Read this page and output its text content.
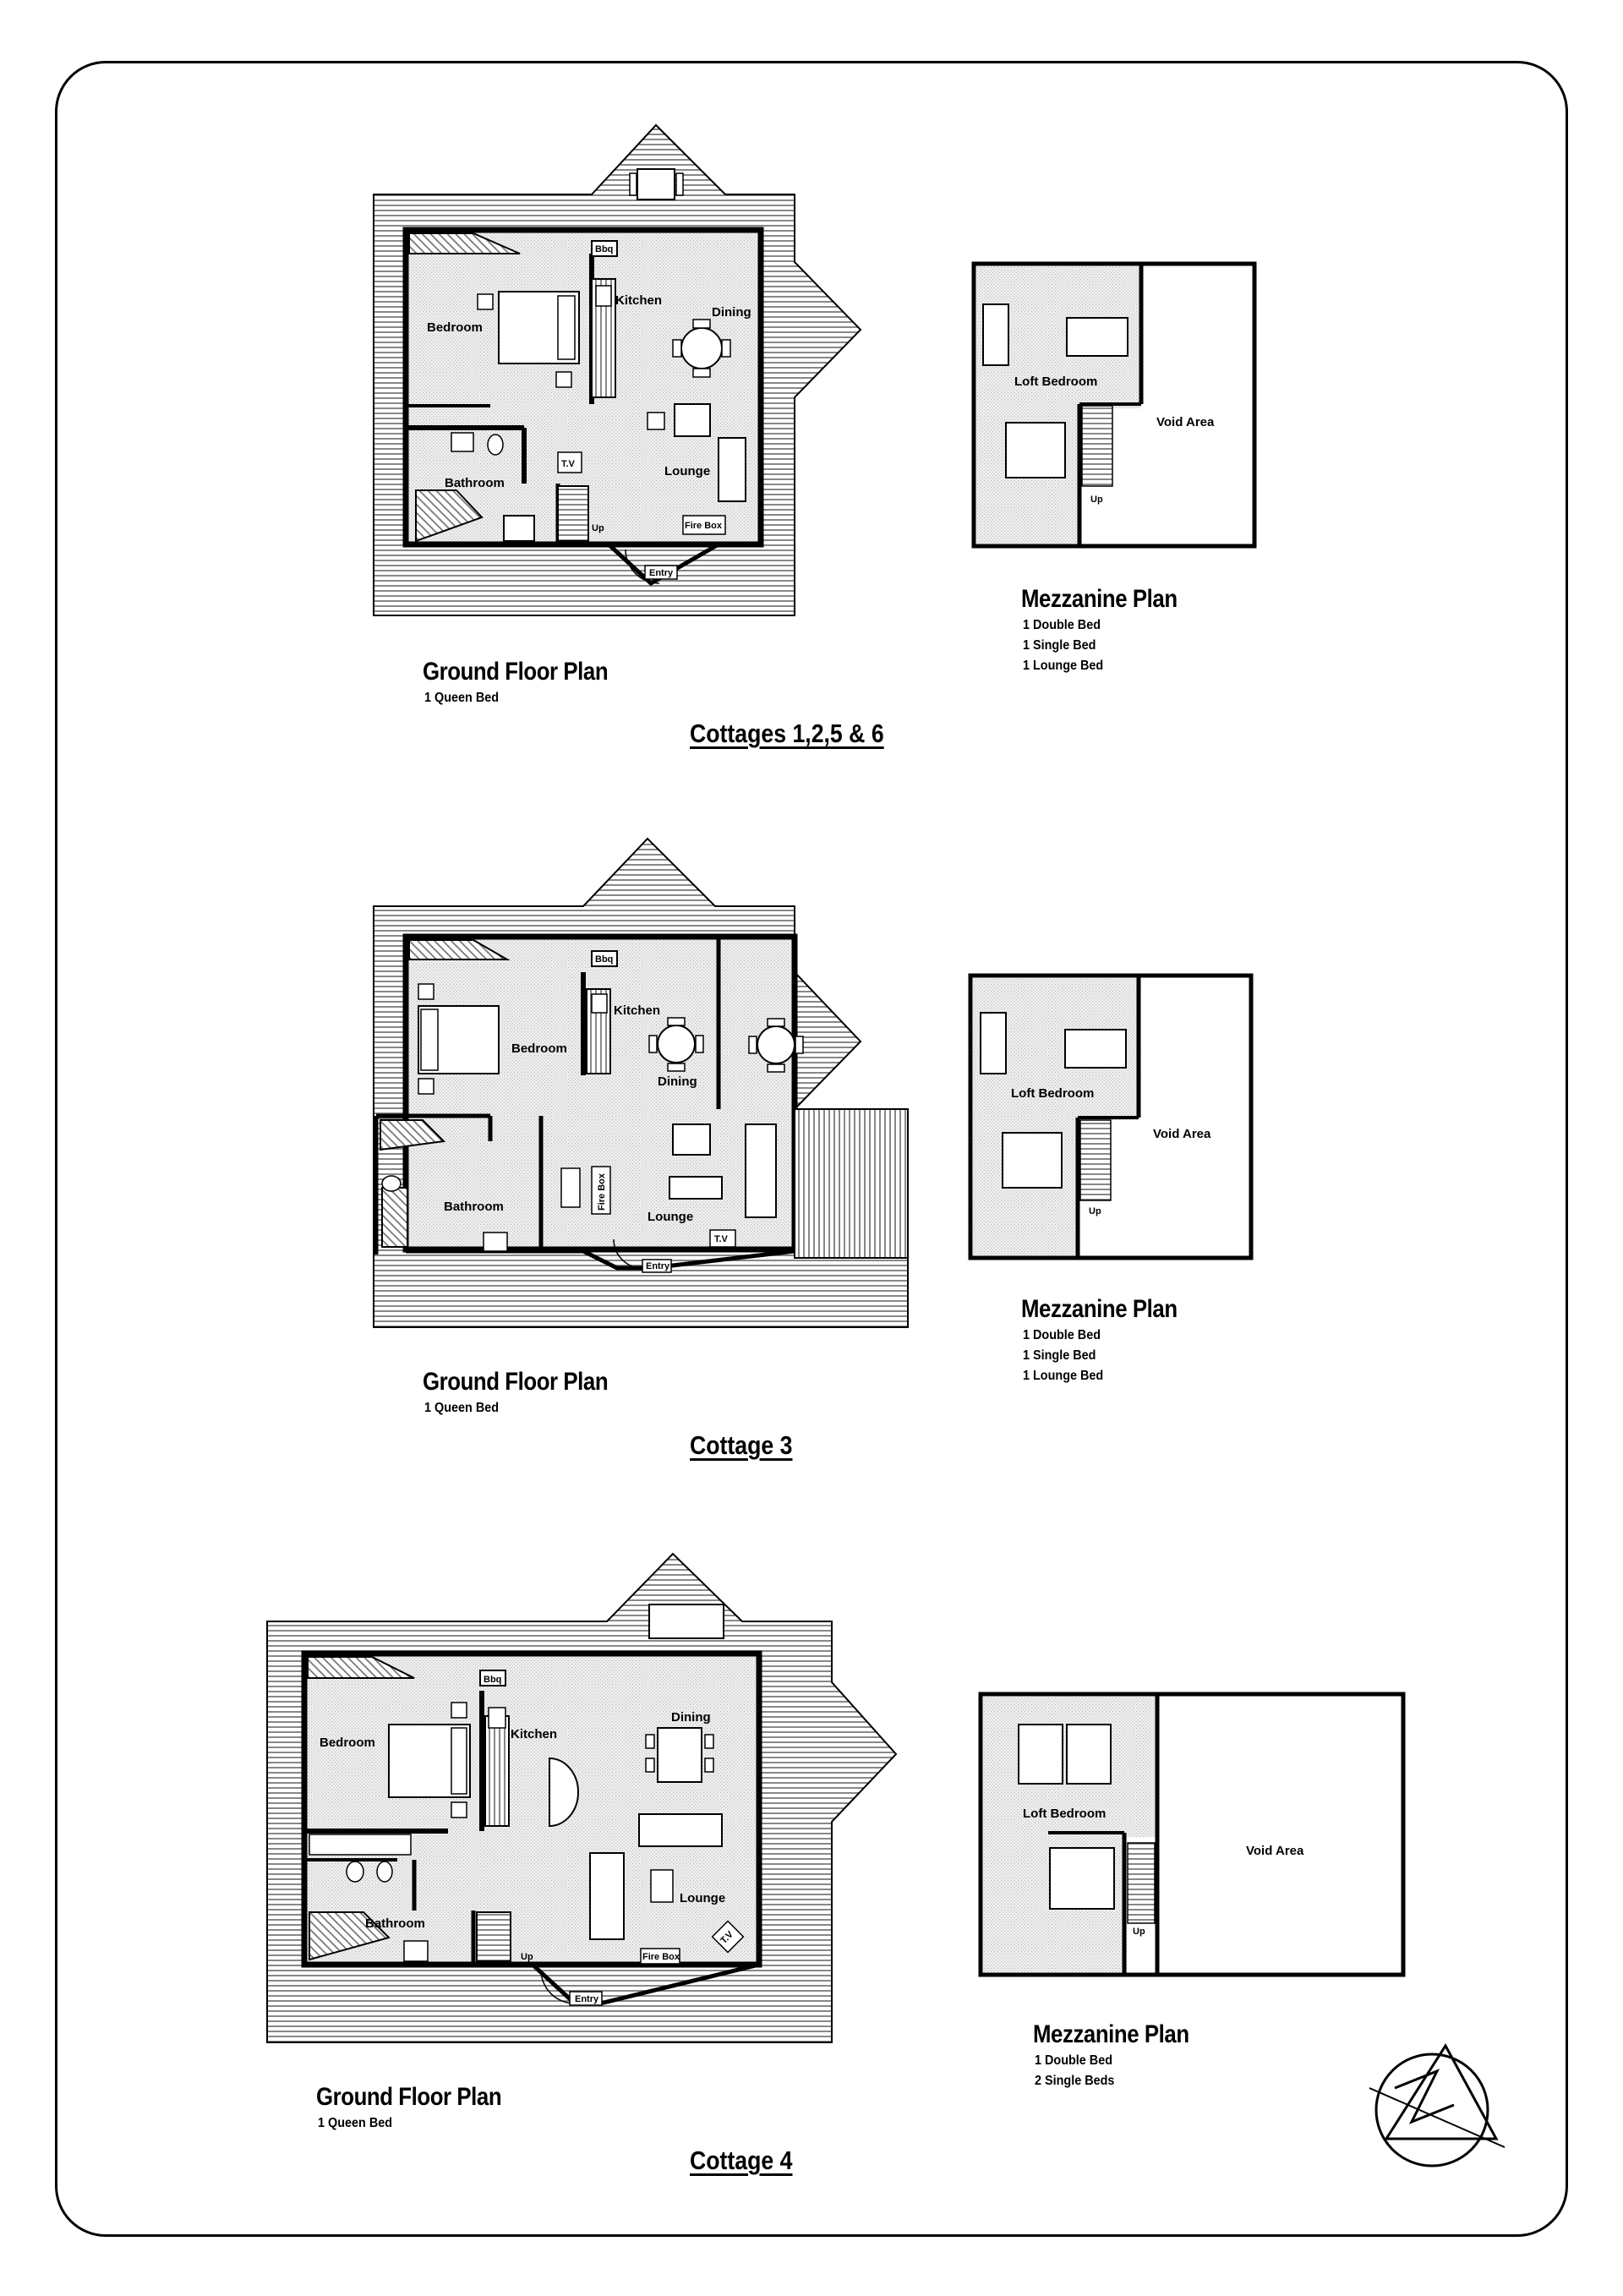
Bedroom
Kitchen
Dining
Bathroom
Lounge
T.V
Bbq
Fire Box
Entry
Up
Loft Bedroom
Void Area
Up
Bedroom
Kitchen
Dining
Bathroom
Lounge
T.V
Bbq
Fire Box
Entry
Loft Bedroom
Void Area
Up
Bedroom
Kitchen
Dining
Bathroom
Lounge
T.V
Bbq
Fire Box
Entry
Up
Loft Bedroom
Void Area
Up
Ground Floor Plan
1 Queen Bed
Mezzanine Plan
1 Double Bed
1 Single Bed
1 Lounge Bed
Cottages 1,2,5 & 6
Ground Floor Plan
1 Queen Bed
Mezzanine Plan
1 Double Bed
1 Single Bed
1 Lounge Bed
Cottage 3
Ground Floor Plan
1 Queen Bed
Mezzanine Plan
1 Double Bed
2 Single Beds
Cottage 4
